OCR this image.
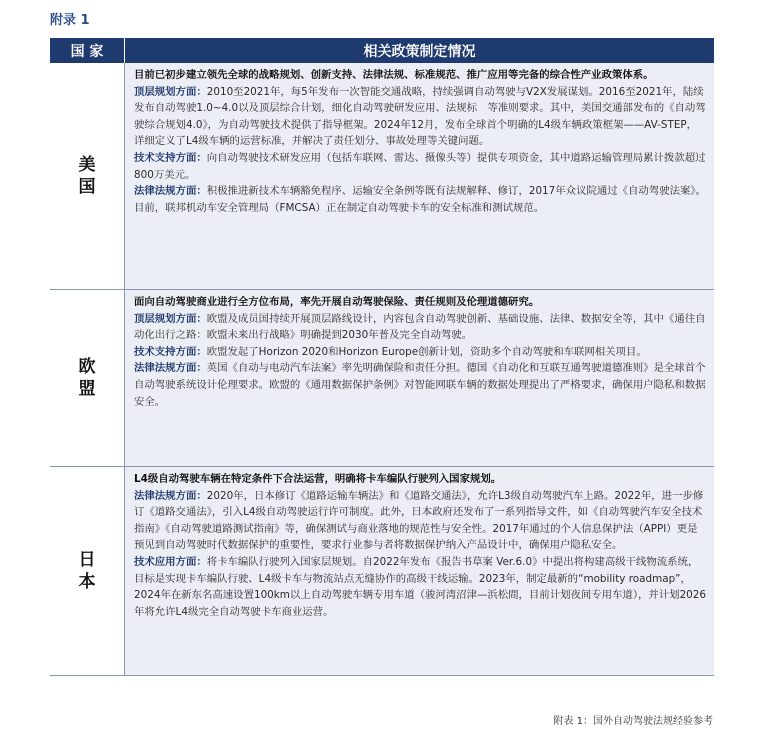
附录 1
国 家	相关政策制定情况
美国	目前已初步建立领先全球的战略规划、创新支持、法律法规、标准规范、推广应用等完备的综合性产业政策体系。

顶层规划方面：2010至2021年，每5年发布一次智能交通战略，持续强调自动驾驶与V2X发展谋划。2016至2021年，陆续发布自动驾驶1.0~4.0以及顶层综合计划，细化自动驾驶研发应用、法规标　等准则要求。其中，美国交通部发布的《自动驾驶综合规划4.0》，为自动驾驶技术提供了指导框架。2024年12月，发布全球首个明确的L4级车辆政策框架——AV-STEP，详细定义了L4级车辆的运营标准，并解决了责任划分、事故处理等关键问题。

技术支持方面：向自动驾驶技术研发应用（包括车联网、雷达、摄像头等）提供专项资金，其中道路运输管理局累计拨款超过800万美元。

法律法规方面：积极推进新技术车辆豁免程序、运输安全条例等既有法规解释、修订，2017年众议院通过《自动驾驶法案》。目前，联邦机动车安全管理局（FMCSA）正在制定自动驾驶卡车的安全标准和测试规范。

欧盟	面向自动驾驶商业进行全方位布局，率先开展自动驾驶保险、责任规则及伦理道德研究。

顶层规划方面：欧盟及成员国持续开展顶层路线设计，内容包含自动驾驶创新、基础设施、法律、数据安全等，其中《通往自动化出行之路：欧盟未来出行战略》明确提到2030年普及完全自动驾驶。

技术支持方面：欧盟发起了Horizon 2020和Horizon Europe创新计划，资助多个自动驾驶和车联网相关项目。

法律法规方面：英国《自动与电动汽车法案》率先明确保险和责任分担。德国《自动化和互联互通驾驶道德准则》是全球首个自动驾驶系统设计伦理要求。欧盟的《通用数据保护条例》对智能网联车辆的数据处理提出了严格要求，确保用户隐私和数据安全。

日本	L4级自动驾驶车辆在特定条件下合法运营，明确将卡车编队行驶列入国家规划。

法律法规方面：2020年，日本修订《道路运输车辆法》和《道路交通法》，允许L3级自动驾驶汽车上路。2022年，进一步修订《道路交通法》，引入L4级自动驾驶运行许可制度。此外，日本政府还发布了一系列指导文件，如《自动驾驶汽车安全技术指南》《自动驾驶道路测试指南》等，确保测试与商业落地的规范性与安全性。2017年通过的个人信息保护法（APPI）更是预见到自动驾驶时代数据保护的重要性，要求行业参与者将数据保护纳入产品设计中，确保用户隐私安全。

技术应用方面：将卡车编队行驶列入国家层规划。自2022年发布《报告书草案 Ver.6.0》中提出将构建高级干线物流系统，目标是实现卡车编队行驶、L4级卡车与物流站点无缝协作的高级干线运输。2023年，制定最新的“mobility roadmap”，2024年在新东名高速设置100km以上自动驾驶车辆专用车道（骏河湾沼津—浜松間，目前计划夜间专用车道），并计划2026年将允许L4级完全自动驾驶卡车商业运营。

附表 1：国外自动驾驶法规经验参考
